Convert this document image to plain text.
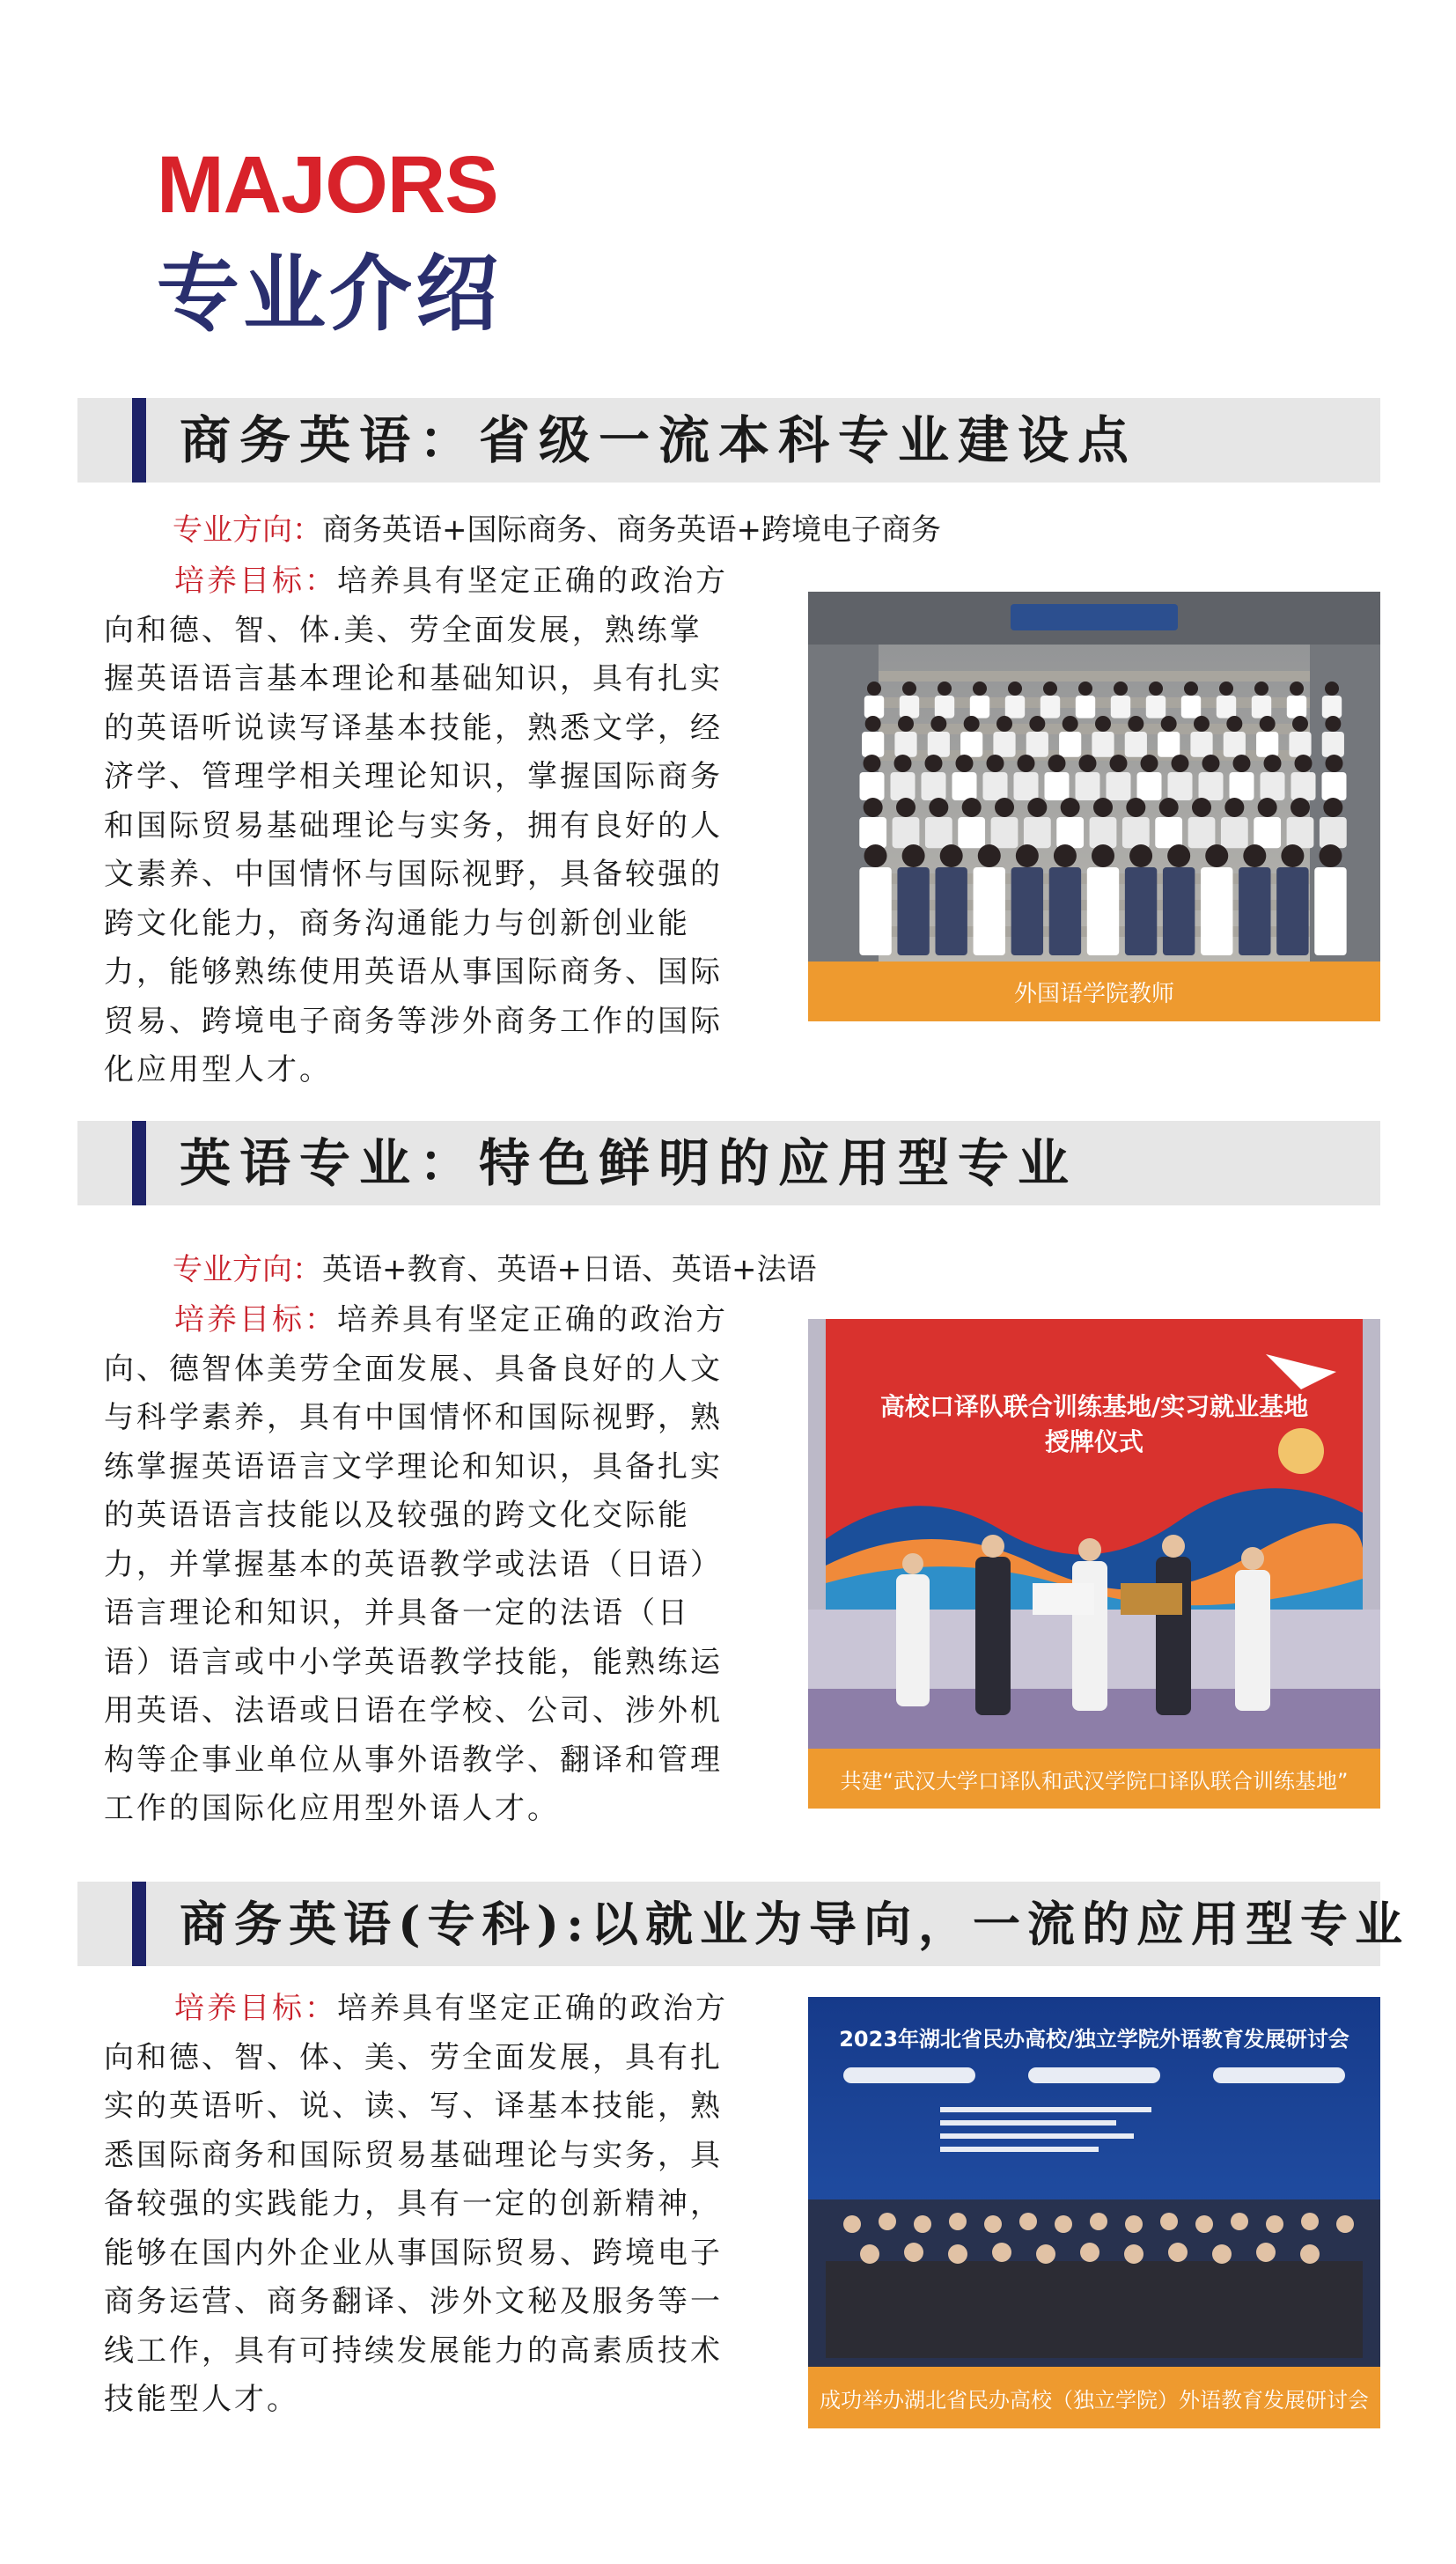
MAJORS
专业介绍
商务英语：省级一流本科专业建设点
专业方向：商务英语+国际商务、商务英语+跨境电子商务
培养目标：培养具有坚定正确的政治方
向和德、智、体.美、劳全面发展，熟练掌
握英语语言基本理论和基础知识，具有扎实
的英语听说读写译基本技能，熟悉文学，经
济学、管理学相关理论知识，掌握国际商务
和国际贸易基础理论与实务，拥有良好的人
文素养、中国情怀与国际视野，具备较强的
跨文化能力，商务沟通能力与创新创业能
力，能够熟练使用英语从事国际商务、国际
贸易、跨境电子商务等涉外商务工作的国际
化应用型人才。
外国语学院教师
英语专业：特色鲜明的应用型专业
专业方向：英语+教育、英语+日语、英语+法语
培养目标：培养具有坚定正确的政治方
向、德智体美劳全面发展、具备良好的人文
与科学素养，具有中国情怀和国际视野，熟
练掌握英语语言文学理论和知识，具备扎实
的英语语言技能以及较强的跨文化交际能
力，并掌握基本的英语教学或法语（日语）
语言理论和知识，并具备一定的法语（日
语）语言或中小学英语教学技能，能熟练运
用英语、法语或日语在学校、公司、涉外机
构等企事业单位从事外语教学、翻译和管理
工作的国际化应用型外语人才。
高校口译队联合训练基地/实习就业基地
授牌仪式
共建“武汉大学口译队和武汉学院口译队联合训练基地”
商务英语(专科):以就业为导向，一流的应用型专业
培养目标：培养具有坚定正确的政治方
向和德、智、体、美、劳全面发展，具有扎
实的英语听、说、读、写、译基本技能，熟
悉国际商务和国际贸易基础理论与实务，具
备较强的实践能力，具有一定的创新精神，
能够在国内外企业从事国际贸易、跨境电子
商务运营、商务翻译、涉外文秘及服务等一
线工作，具有可持续发展能力的高素质技术
技能型人才。
2023年湖北省民办高校/独立学院外语教育发展研讨会
成功举办湖北省民办高校（独立学院）外语教育发展研讨会
